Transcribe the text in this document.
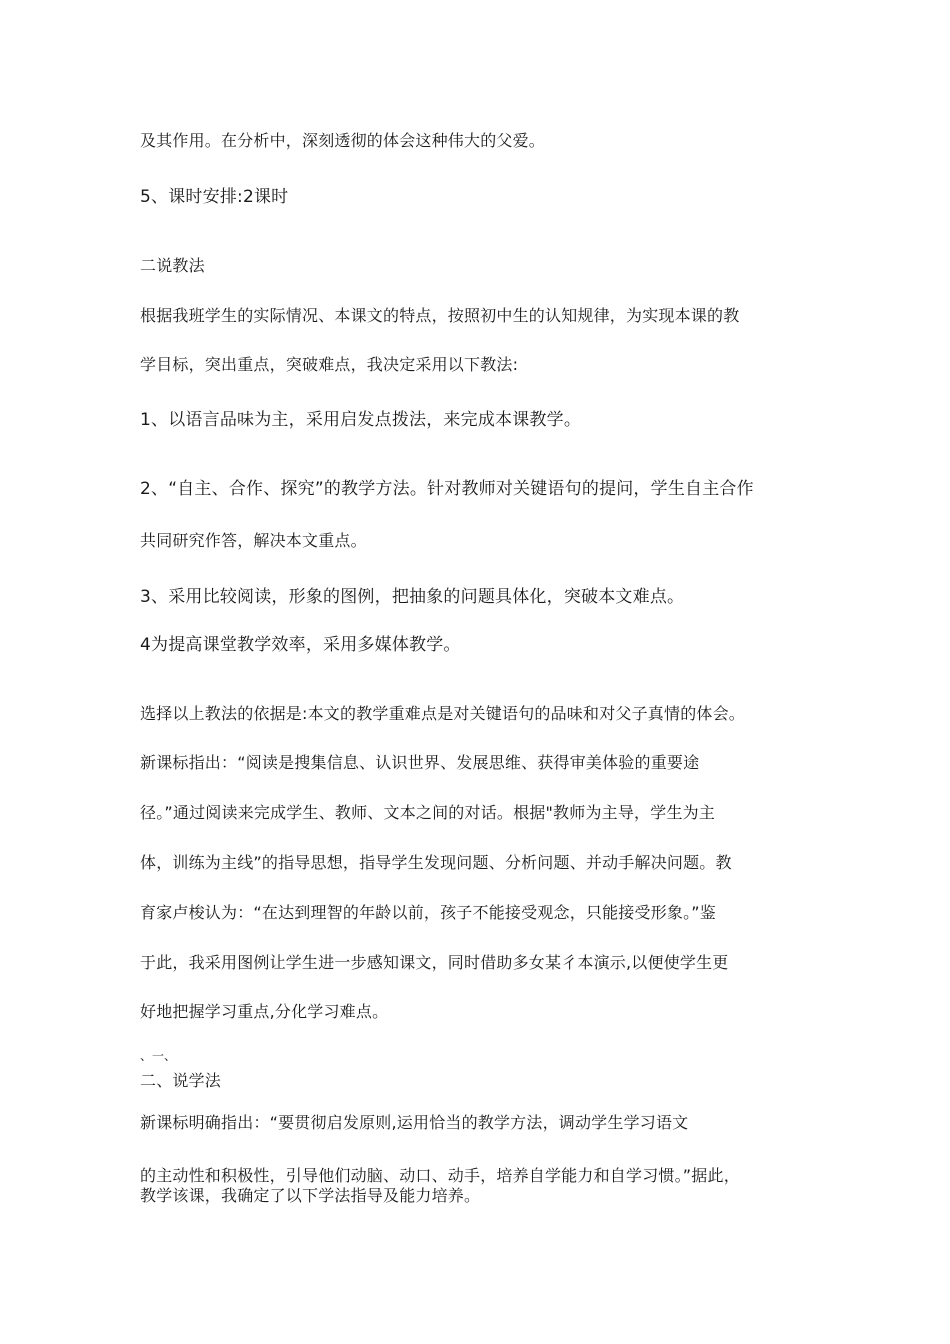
及其作用。在分析中，深刻透彻的体会这种伟大的父爱。
5、课时安排:2课时
二说教法
根据我班学生的实际情况、本课文的特点，按照初中生的认知规律，为实现本课的教
学目标，突出重点，突破难点，我决定采用以下教法:
1、以语言品味为主，采用启发点拨法，来完成本课教学。
2、“自主、合作、探究”的教学方法。针对教师对关键语句的提问，学生自主合作
共同研究作答，解决本文重点。
3、采用比较阅读，形象的图例，把抽象的问题具体化，突破本文难点。
4为提高课堂教学效率，采用多媒体教学。
选择以上教法的依据是:本文的教学重难点是对关键语句的品味和对父子真情的体会。
新课标指出：“阅读是搜集信息、认识世界、发展思维、获得审美体验的重要途
径。”通过阅读来完成学生、教师、文本之间的对话。根据"教师为主导，学生为主
体，训练为主线”的指导思想，指导学生发现问题、分析问题、并动手解决问题。教
育家卢梭认为：“在达到理智的年龄以前，孩子不能接受观念，只能接受形象。”鉴
于此，我采用图例让学生进一步感知课文，同时借助多女某彳本演示,以便使学生更
好地把握学习重点,分化学习难点。
、一、
二、说学法
新课标明确指出：“要贯彻启发原则,运用恰当的教学方法，调动学生学习语文
的主动性和积极性，引导他们动脑、动口、动手，培养自学能力和自学习惯。”据此，
教学该课，我确定了以下学法指导及能力培养。
